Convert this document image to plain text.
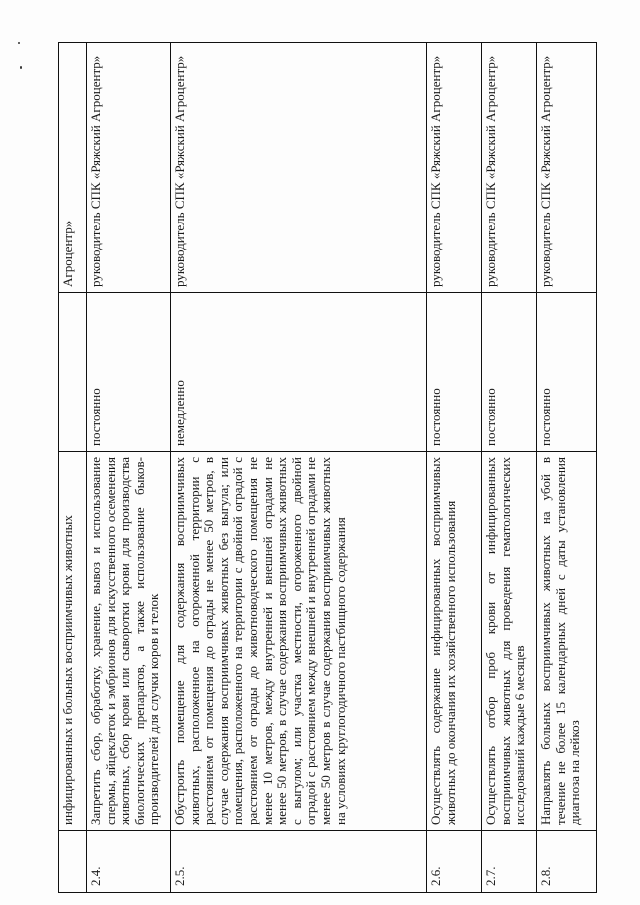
	инфицированных и больных восприимчивых животных		Агроцентр»
2.4.	Запретить сбор, обработку, хранение, вывоз и использование спермы, яйцеклеток и эмбрионов для искусственного осеменения животных, сбор крови или сыворотки крови для производства биологических препаратов, а также использование быков-производителей для случки коров и телок	постоянно	руководитель СПК «Ряжский Агроцентр»
2.5.	Обустроить помещение для содержания восприимчивых животных, расположенное на огороженной территории с расстоянием от помещения до ограды не менее 50 метров, в случае содержания восприимчивых животных без выгула; или помещения, расположенного на территории с двойной оградой с расстоянием от ограды до животноводческого помещения не менее 10 метров, между внутренней и внешней оградами не менее 50 метров, в случае содержания восприимчивых животных с выгулом; или участка местности, огороженного двойной оградой с расстоянием между внешней и внутренней оградами не менее 50 метров в случае содержания восприимчивых животных на условиях круглогодичного пастбищного содержания	немедленно	руководитель СПК «Ряжский Агроцентр»
2.6.	Осуществлять содержание инфицированных восприимчивых животных до окончания их хозяйственного использования	постоянно	руководитель СПК «Ряжский Агроцентр»
2.7.	Осуществлять отбор проб крови от инфицированных восприимчивых животных для проведения гематологических исследований каждые 6 месяцев	постоянно	руководитель СПК «Ряжский Агроцентр»
2.8.	Направлять больных восприимчивых животных на убой в течение не более 15 календарных дней с даты установления диагноза на лейкоз	постоянно	руководитель СПК «Ряжский Агроцентр»
